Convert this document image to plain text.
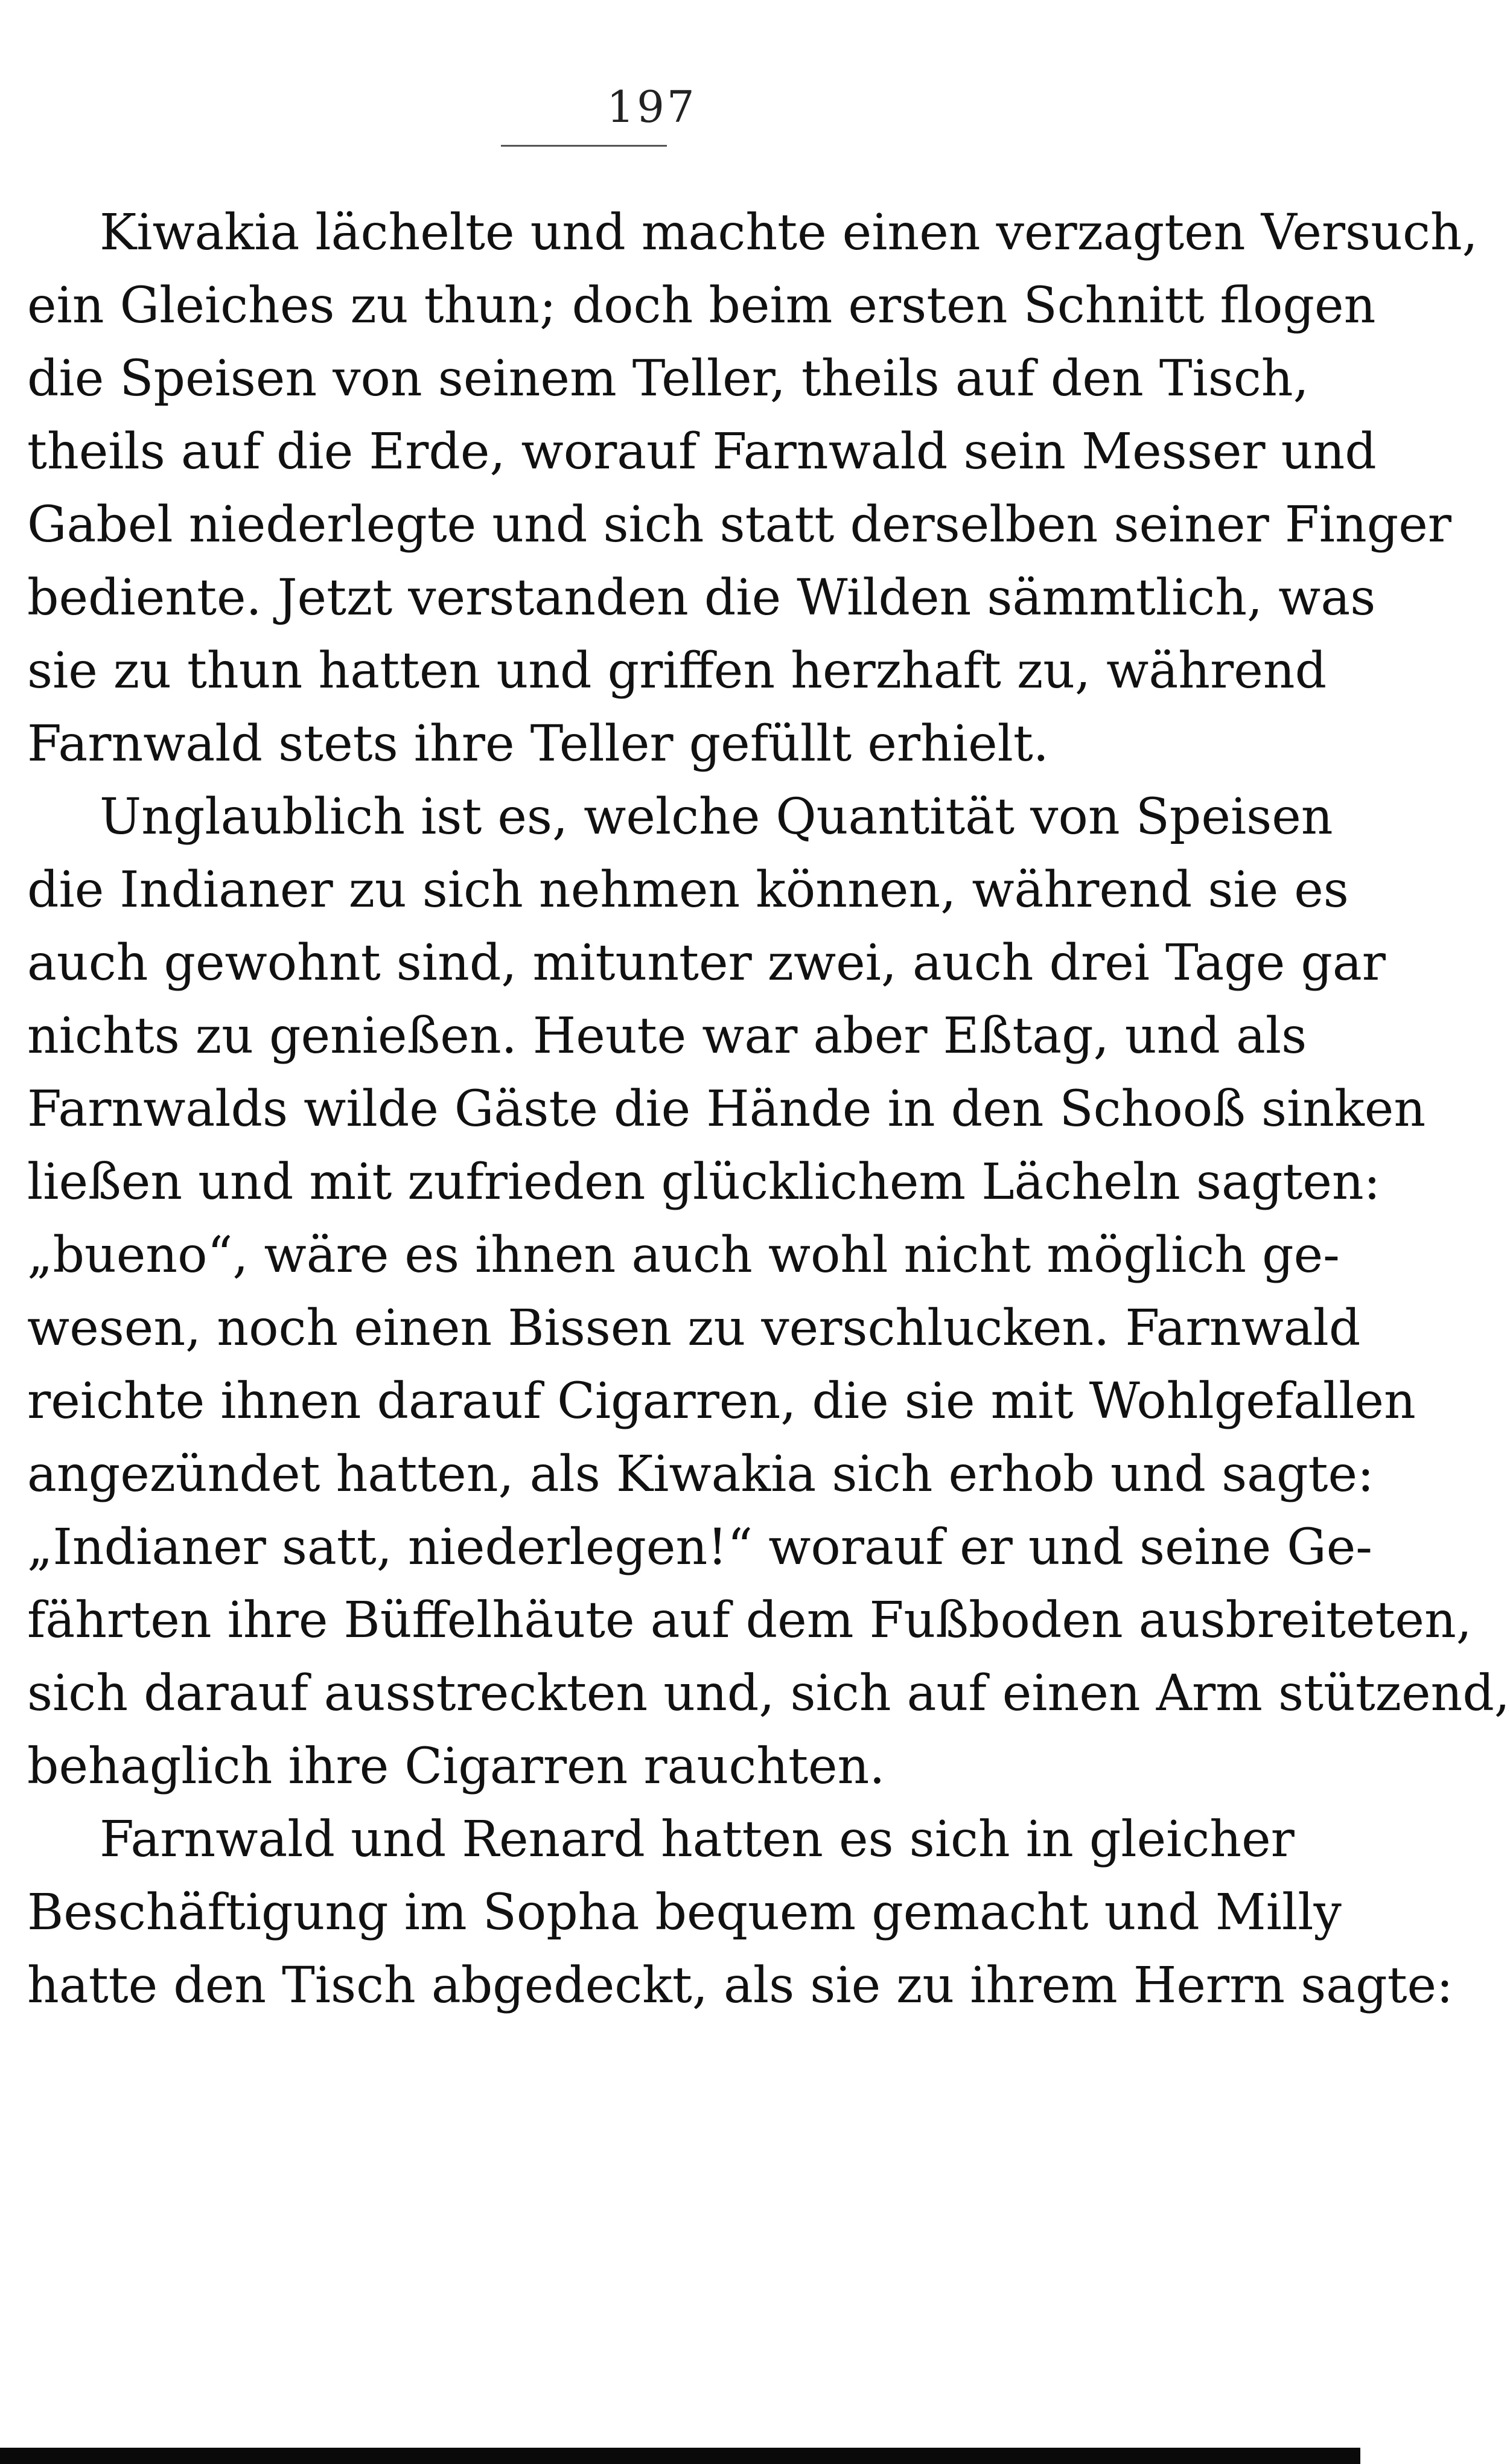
197
Kiwakia lächelte und machte einen verzagten Versuch,
ein Gleiches zu thun; doch beim ersten Schnitt flogen
die Speisen von seinem Teller, theils auf den Tisch,
theils auf die Erde, worauf Farnwald sein Messer und
Gabel niederlegte und sich statt derselben seiner Finger
bediente. Jetzt verstanden die Wilden sämmtlich, was
sie zu thun hatten und griffen herzhaft zu, während
Farnwald stets ihre Teller gefüllt erhielt.
Unglaublich ist es, welche Quantität von Speisen
die Indianer zu sich nehmen können, während sie es
auch gewohnt sind, mitunter zwei, auch drei Tage gar
nichts zu genießen. Heute war aber Eßtag, und als
Farnwalds wilde Gäste die Hände in den Schooß sinken
ließen und mit zufrieden glücklichem Lächeln sagten:
„bueno“, wäre es ihnen auch wohl nicht möglich ge-
wesen, noch einen Bissen zu verschlucken. Farnwald
reichte ihnen darauf Cigarren, die sie mit Wohlgefallen
angezündet hatten, als Kiwakia sich erhob und sagte:
„Indianer satt, niederlegen!“ worauf er und seine Ge-
fährten ihre Büffelhäute auf dem Fußboden ausbreiteten,
sich darauf ausstreckten und, sich auf einen Arm stützend,
behaglich ihre Cigarren rauchten.
Farnwald und Renard hatten es sich in gleicher
Beschäftigung im Sopha bequem gemacht und Milly
hatte den Tisch abgedeckt, als sie zu ihrem Herrn sagte:
